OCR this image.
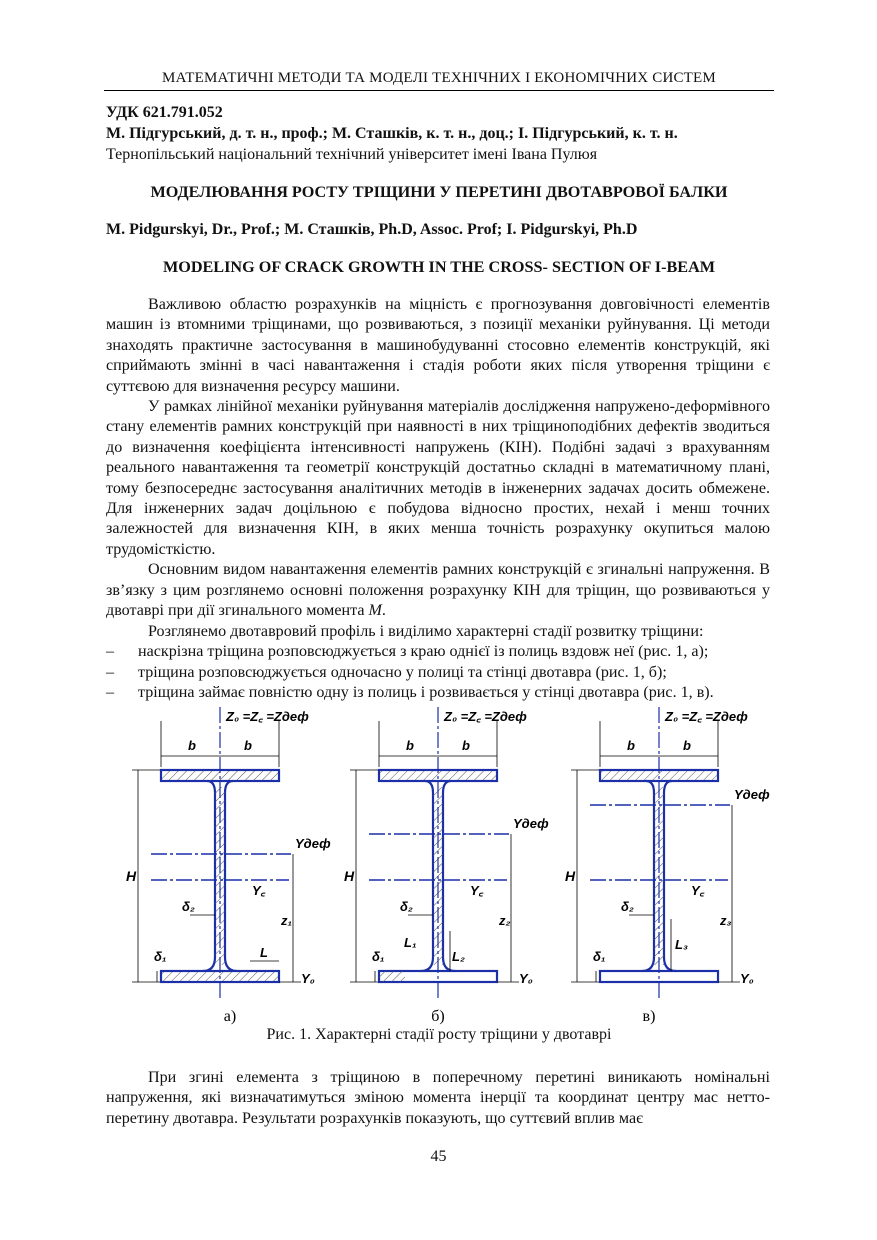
МАТЕМАТИЧНІ МЕТОДИ ТА МОДЕЛІ ТЕХНІЧНИХ І ЕКОНОМІЧНИХ СИСТЕМ
УДК 621.791.052
М. Підгурський, д. т. н., проф.; М. Сташків, к. т. н., доц.; І. Підгурський, к. т. н.
Тернопільський національний технічний університет імені Івана Пулюя
МОДЕЛЮВАННЯ РОСТУ ТРІЩИНИ У ПЕРЕТИНІ ДВОТАВРОВОЇ БАЛКИ
M. Pidgurskyi, Dr., Prof.; M. Сташків, Ph.D, Assoc. Prof; I. Pidgurskyi, Ph.D
MODELING OF CRACK GROWTH IN THE CROSS- SECTION OF I-BEAM

Важливою областю розрахунків на міцність є прогнозування довговічності елементів машин із втомними тріщинами, що розвиваються, з позиції механіки руйнування. Ці методи знаходять практичне застосування в машинобудуванні стосовно елементів конструкцій, які сприймають змінні в часі навантаження і стадія роботи яких після утворення тріщини є суттєвою для визначення ресурсу машини.

У рамках лінійної механіки руйнування матеріалів дослідження напружено-деформівного стану елементів рамних конструкцій при наявності в них тріщиноподібних дефектів зводиться до визначення коефіцієнта інтенсивності напружень (КІН). Подібні задачі з врахуванням реального навантаження та геометрії конструкцій достатньо складні в математичному плані, тому безпосереднє застосування аналітичних методів в інженерних задачах досить обмежене. Для інженерних задач доцільною є побудова відносно простих, нехай і менш точних залежностей для визначення КІН, в яких менша точність розрахунку окупиться малою трудомісткістю.

Основним видом навантаження елементів рамних конструкцій є згинальні напруження. В зв’язку з цим розглянемо основні положення розрахунку КІН для тріщин, що розвиваються у двотаврі при дії згинального момента M.

Розглянемо двотавровий профіль і виділимо характерні стадії розвитку тріщини:
– наскрізна тріщина розповсюджується з краю однієї із полиць вздовж неї (рис. 1, а);
– тріщина розповсюджується одночасно у полиці та стінці двотавра (рис. 1, б);
– тріщина займає повністю одну із полиць і розвивається у стінці двотавра (рис. 1, в).
b	b
H
Z₀ =Z꜀ =Zдеф
Y꜀
Yдеф
Y₀
z₁
δ₂
δ₁	L
b	b
H
Z₀ =Z꜀ =Zдеф
Y꜀
Yдеф
Y₀
z₂
δ₂
δ₁
L₁
L₂
b	b
H
Z₀ =Z꜀ =Zдеф
Y꜀
Yдеф
Y₀
z₃
δ₂
δ₁
L₃
а)	б)	в)
Рис. 1. Характерні стадії росту тріщини у двотаврі

При згині елемента з тріщиною в поперечному перетині виникають номінальні напруження, які визначатимуться зміною момента інерції та координат центру мас нетто-перетину двотавра. Результати розрахунків показують, що суттєвий вплив має

45
